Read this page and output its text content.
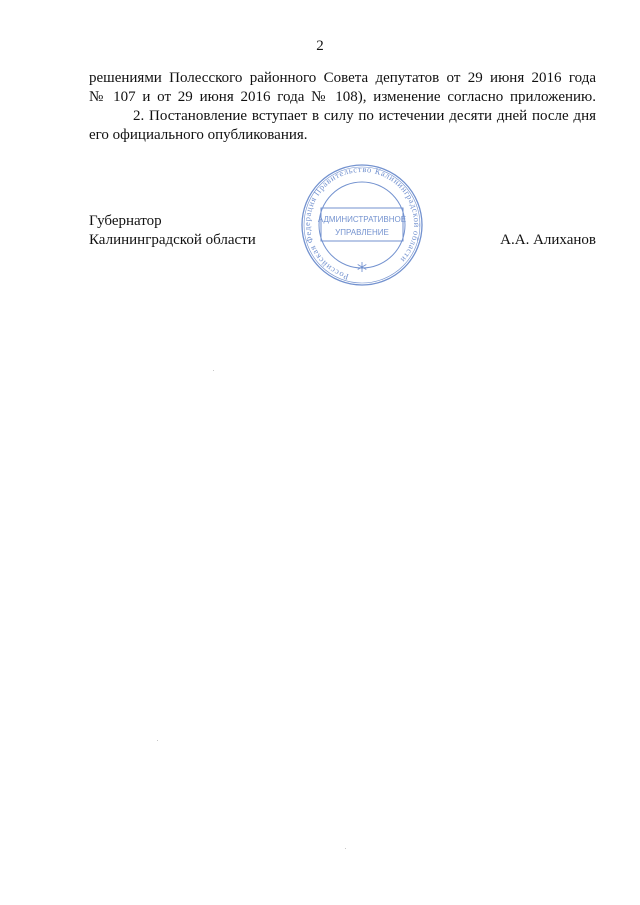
2
решениями Полесского районного Совета депутатов от 29 июня 2016 года
№ 107 и от 29 июня 2016 года № 108), изменение согласно приложению.
2. Постановление вступает в силу по истечении десяти дней после дня
его официального опубликования.
Губернатор
Калининградской области	А.А. Алиханов
Российская Федерация Правительство Калининградской области
АДМИНИСТРАТИВНОЕ
УПРАВЛЕНИЕ
